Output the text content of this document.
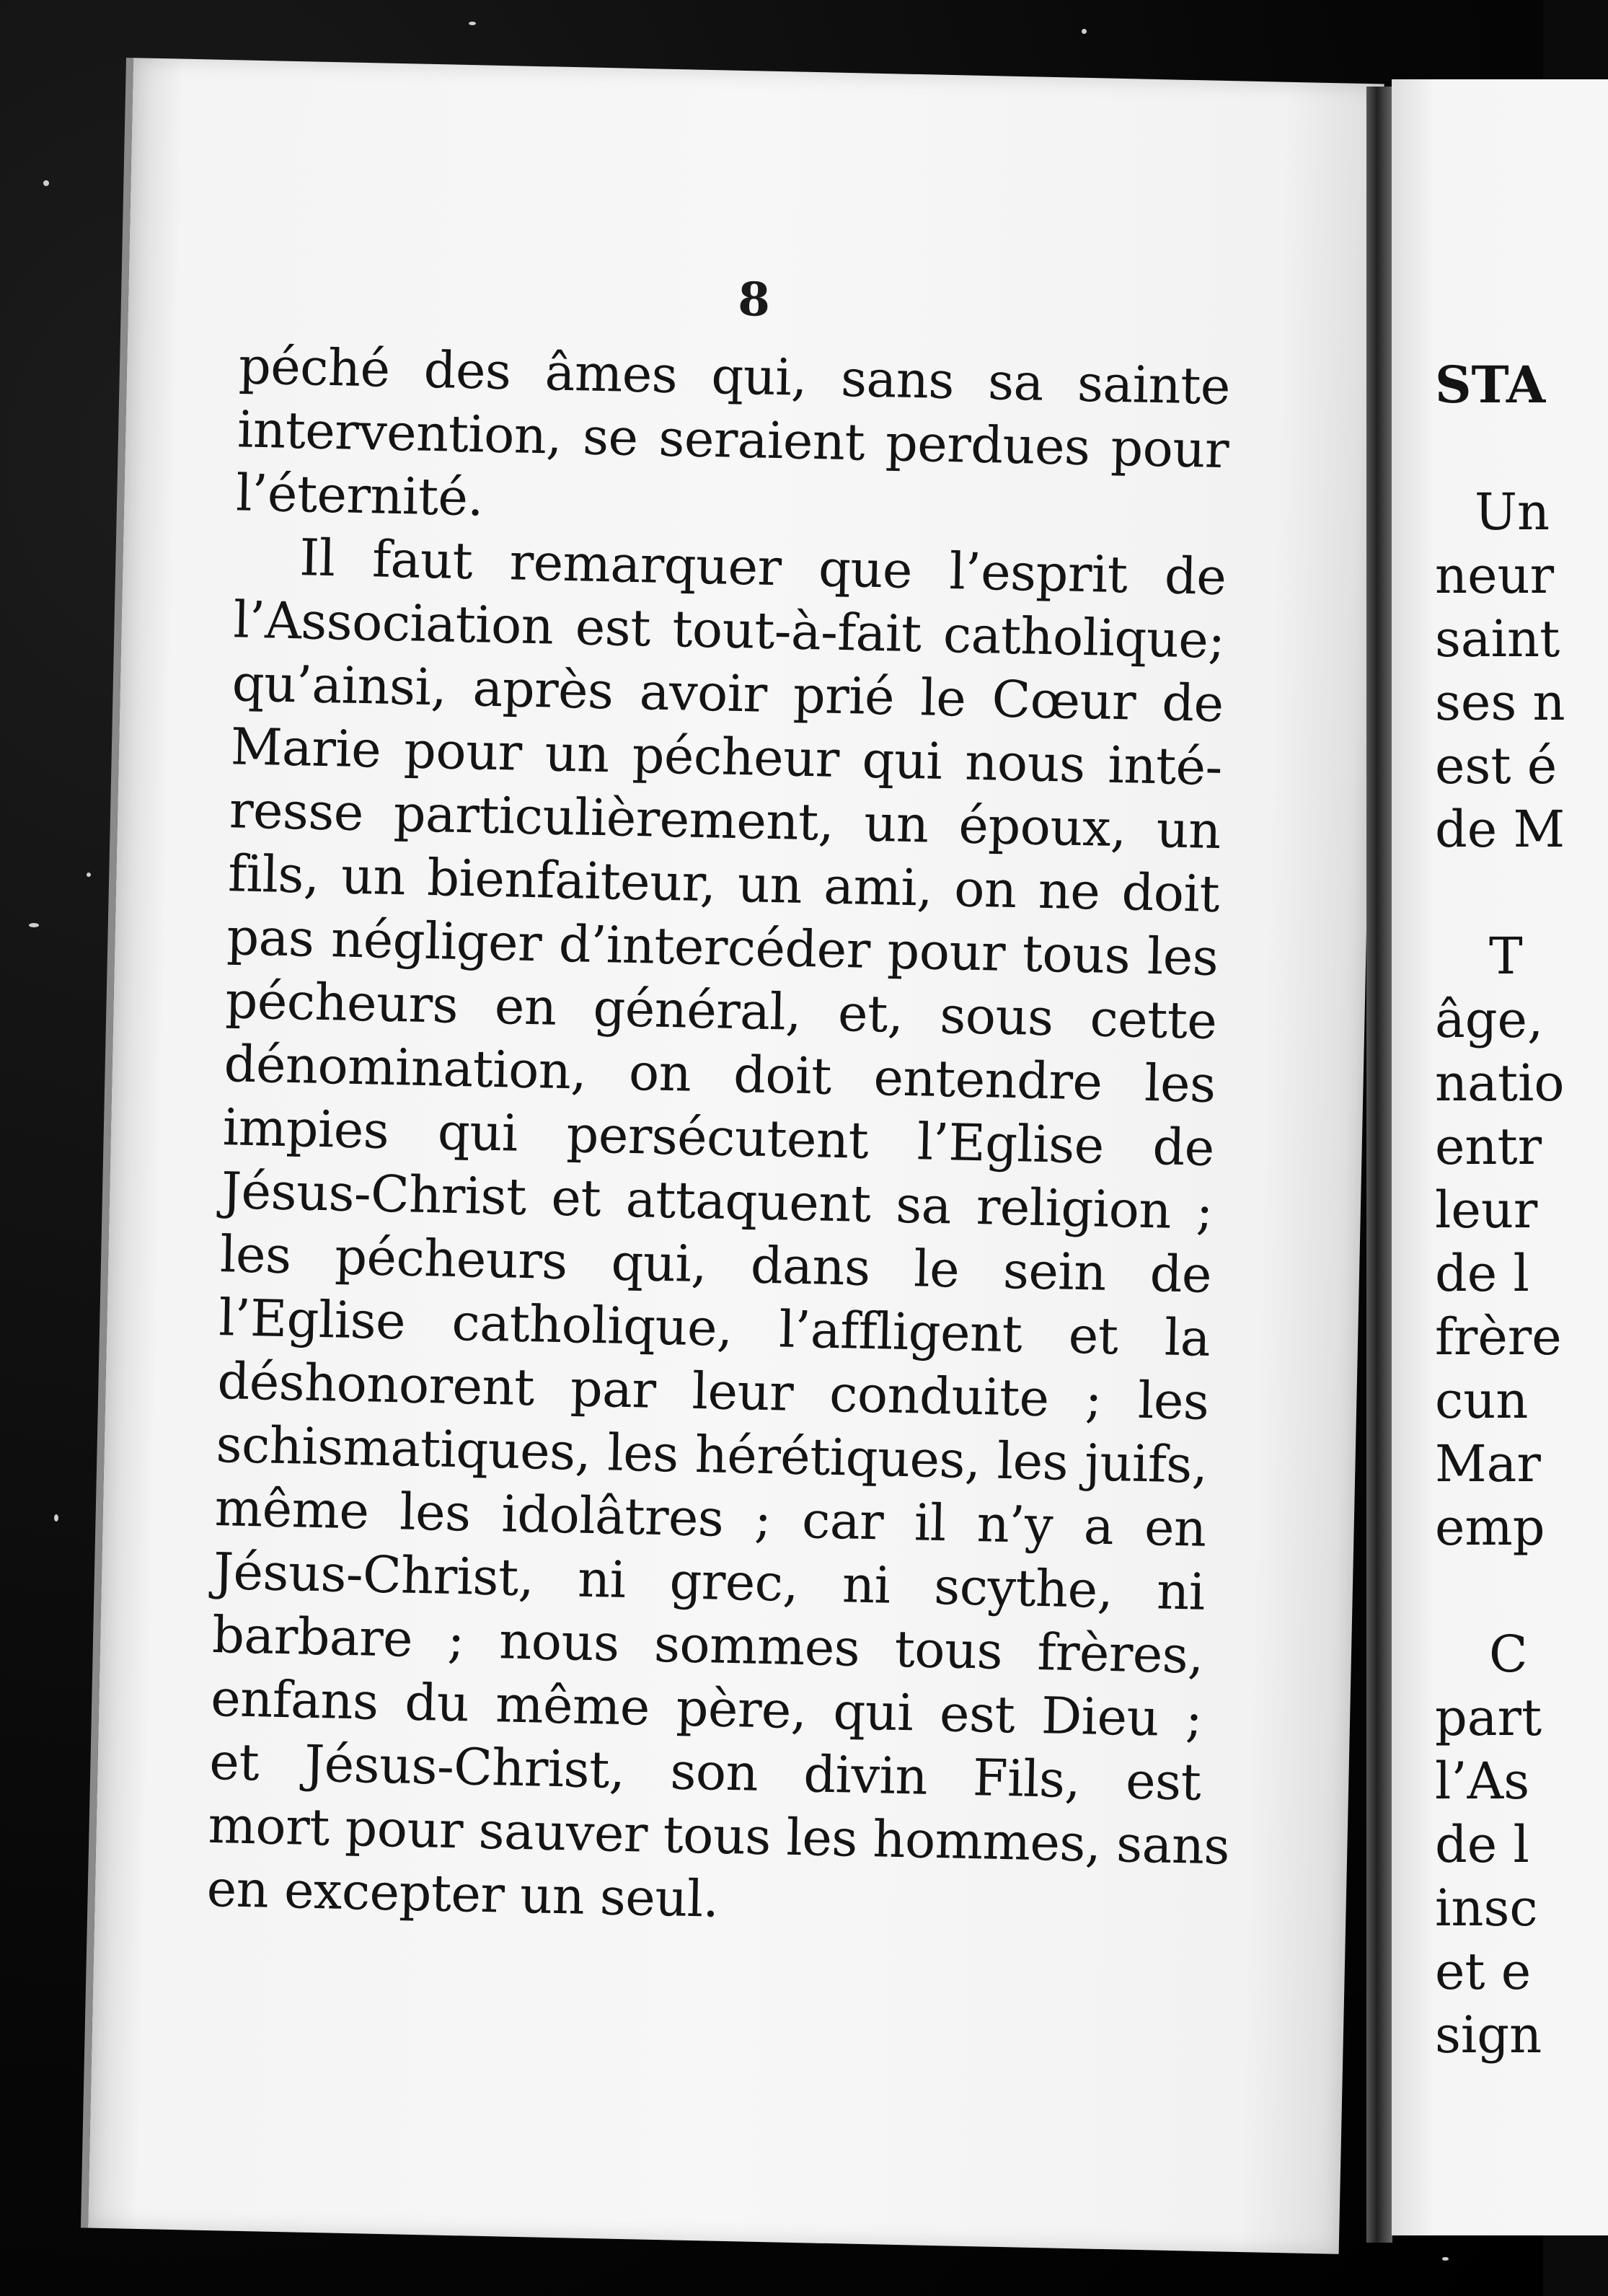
8
péché des âmes qui, sans sa sainte
intervention, se seraient perdues pour
l’éternité.
Il faut remarquer que l’esprit de
l’Association est tout-à-fait catholique;
qu’ainsi, après avoir prié le Cœur de
Marie pour un pécheur qui nous inté-
resse particulièrement, un époux, un
fils, un bienfaiteur, un ami, on ne doit
pas négliger d’intercéder pour tous les
pécheurs en général, et, sous cette
dénomination, on doit entendre les
impies qui persécutent l’Eglise de
Jésus-Christ et attaquent sa religion ;
les pécheurs qui, dans le sein de
l’Eglise catholique, l’affligent et la
déshonorent par leur conduite ; les
schismatiques, les hérétiques, les juifs,
même les idolâtres ; car il n’y a en
Jésus-Christ, ni grec, ni scythe, ni
barbare ; nous sommes tous frères,
enfans du même père, qui est Dieu ;
et Jésus-Christ, son divin Fils, est
mort pour sauver tous les hommes, sans
en excepter un seul.
STA
Un
neur
saint
ses n
est é
de M
T
âge,
natio
entr
leur
de l
frère
cun
Mar
emp
C
part
l’As
de l
insc
et e
sign
